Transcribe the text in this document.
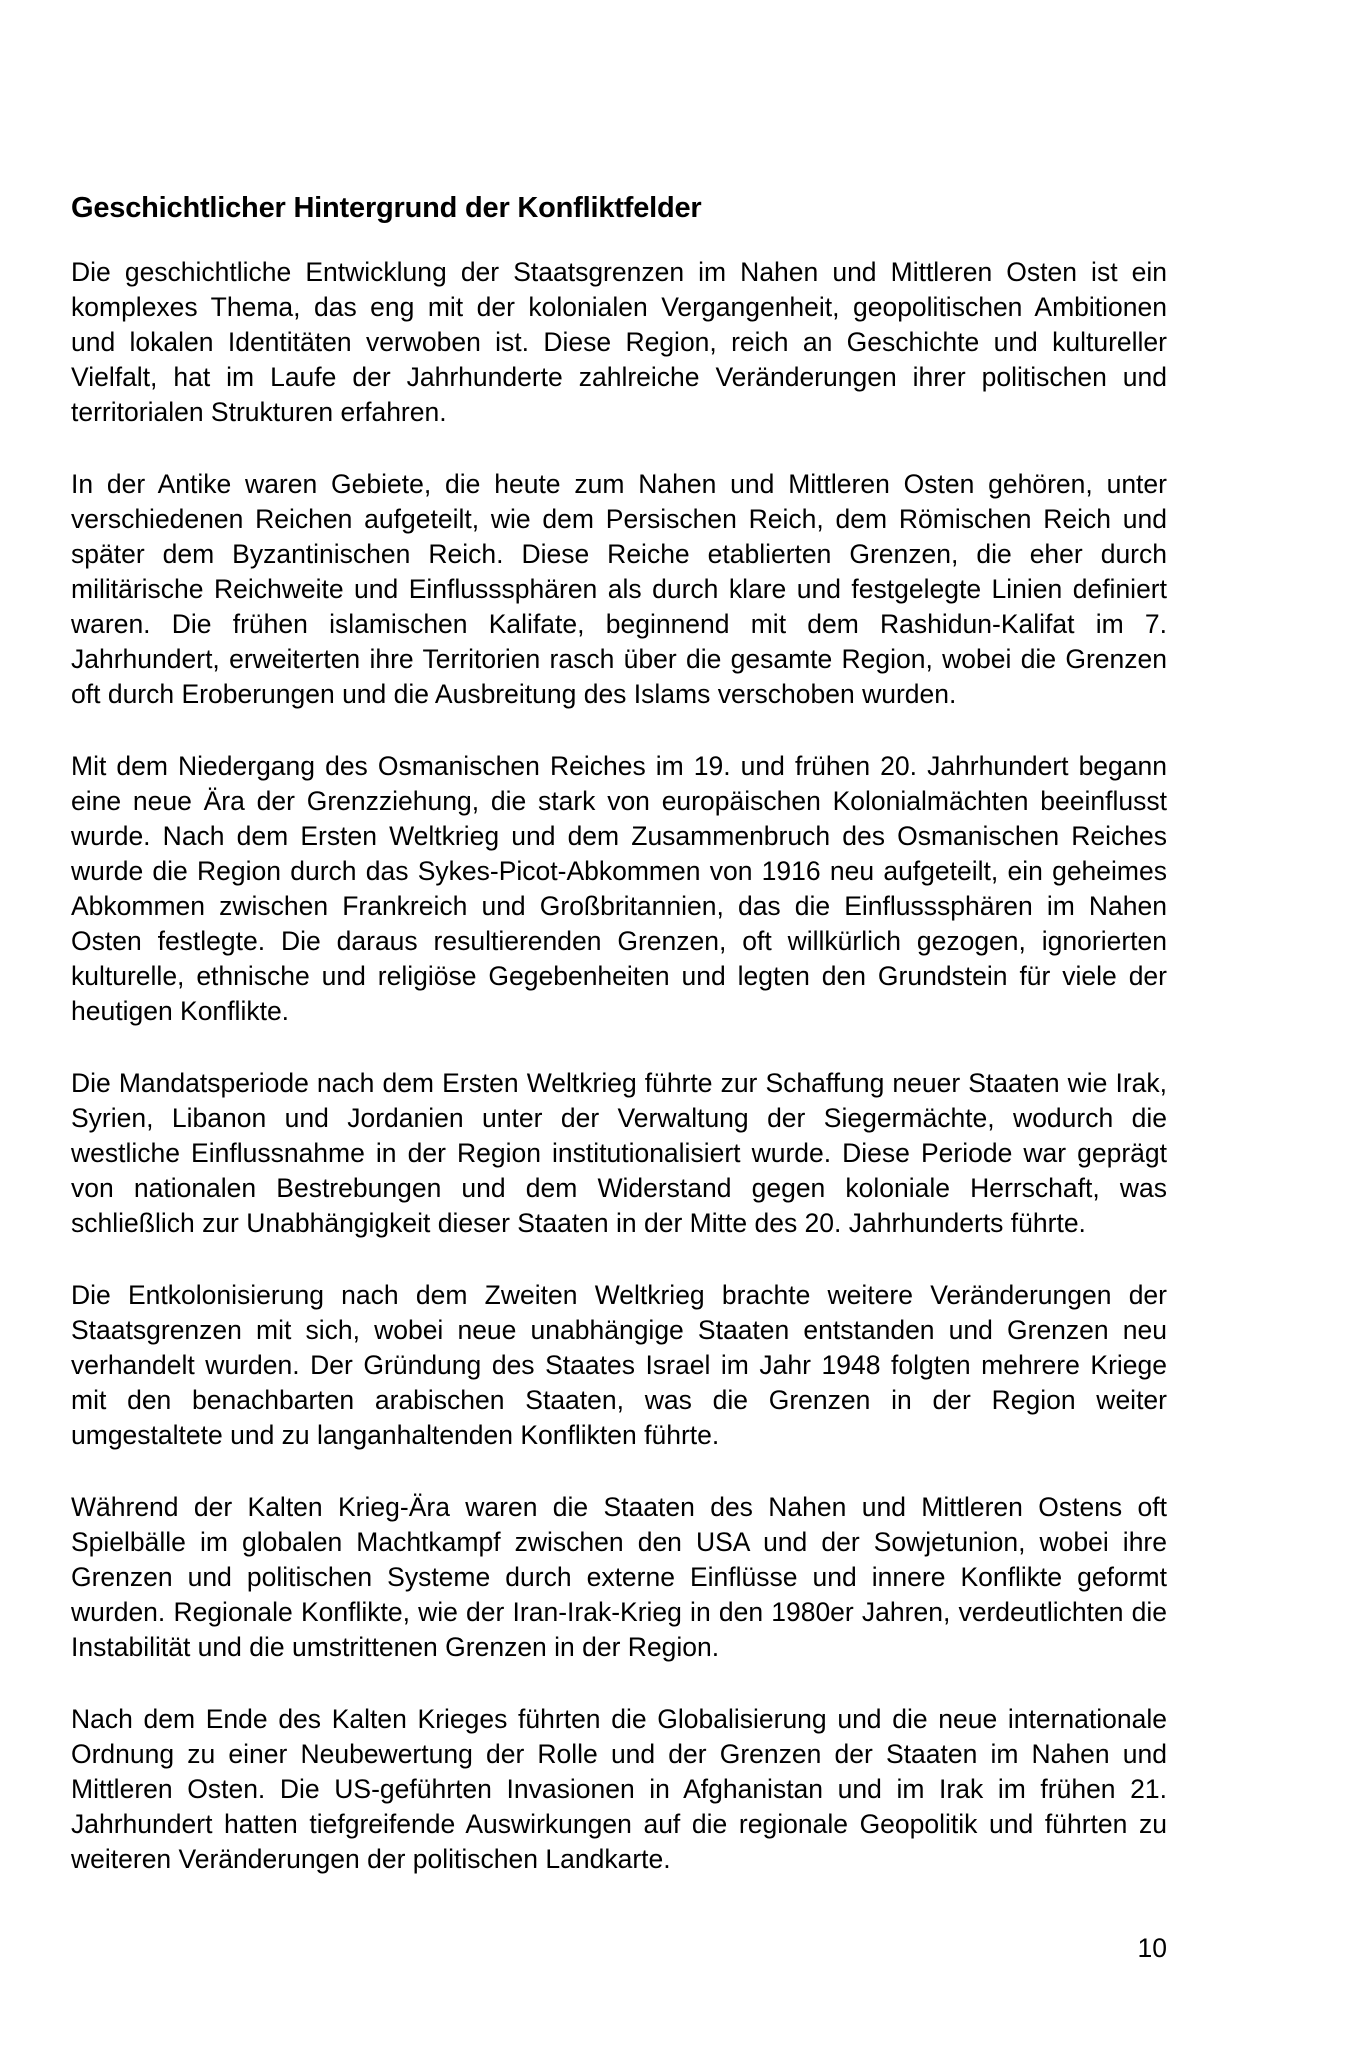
Geschichtlicher Hintergrund der Konfliktfelder
Die geschichtliche Entwicklung der Staatsgrenzen im Nahen und Mittleren Osten ist ein
komplexes Thema, das eng mit der kolonialen Vergangenheit, geopolitischen Ambitionen
und lokalen Identitäten verwoben ist. Diese Region, reich an Geschichte und kultureller
Vielfalt, hat im Laufe der Jahrhunderte zahlreiche Veränderungen ihrer politischen und
territorialen Strukturen erfahren.
In der Antike waren Gebiete, die heute zum Nahen und Mittleren Osten gehören, unter
verschiedenen Reichen aufgeteilt, wie dem Persischen Reich, dem Römischen Reich und
später dem Byzantinischen Reich. Diese Reiche etablierten Grenzen, die eher durch
militärische Reichweite und Einflusssphären als durch klare und festgelegte Linien definiert
waren. Die frühen islamischen Kalifate, beginnend mit dem Rashidun-Kalifat im 7.
Jahrhundert, erweiterten ihre Territorien rasch über die gesamte Region, wobei die Grenzen
oft durch Eroberungen und die Ausbreitung des Islams verschoben wurden.
Mit dem Niedergang des Osmanischen Reiches im 19. und frühen 20. Jahrhundert begann
eine neue Ära der Grenzziehung, die stark von europäischen Kolonialmächten beeinflusst
wurde. Nach dem Ersten Weltkrieg und dem Zusammenbruch des Osmanischen Reiches
wurde die Region durch das Sykes-Picot-Abkommen von 1916 neu aufgeteilt, ein geheimes
Abkommen zwischen Frankreich und Großbritannien, das die Einflusssphären im Nahen
Osten festlegte. Die daraus resultierenden Grenzen, oft willkürlich gezogen, ignorierten
kulturelle, ethnische und religiöse Gegebenheiten und legten den Grundstein für viele der
heutigen Konflikte.
Die Mandatsperiode nach dem Ersten Weltkrieg führte zur Schaffung neuer Staaten wie Irak,
Syrien, Libanon und Jordanien unter der Verwaltung der Siegermächte, wodurch die
westliche Einflussnahme in der Region institutionalisiert wurde. Diese Periode war geprägt
von nationalen Bestrebungen und dem Widerstand gegen koloniale Herrschaft, was
schließlich zur Unabhängigkeit dieser Staaten in der Mitte des 20. Jahrhunderts führte.
Die Entkolonisierung nach dem Zweiten Weltkrieg brachte weitere Veränderungen der
Staatsgrenzen mit sich, wobei neue unabhängige Staaten entstanden und Grenzen neu
verhandelt wurden. Der Gründung des Staates Israel im Jahr 1948 folgten mehrere Kriege
mit den benachbarten arabischen Staaten, was die Grenzen in der Region weiter
umgestaltete und zu langanhaltenden Konflikten führte.
Während der Kalten Krieg-Ära waren die Staaten des Nahen und Mittleren Ostens oft
Spielbälle im globalen Machtkampf zwischen den USA und der Sowjetunion, wobei ihre
Grenzen und politischen Systeme durch externe Einflüsse und innere Konflikte geformt
wurden. Regionale Konflikte, wie der Iran-Irak-Krieg in den 1980er Jahren, verdeutlichten die
Instabilität und die umstrittenen Grenzen in der Region.
Nach dem Ende des Kalten Krieges führten die Globalisierung und die neue internationale
Ordnung zu einer Neubewertung der Rolle und der Grenzen der Staaten im Nahen und
Mittleren Osten. Die US-geführten Invasionen in Afghanistan und im Irak im frühen 21.
Jahrhundert hatten tiefgreifende Auswirkungen auf die regionale Geopolitik und führten zu
weiteren Veränderungen der politischen Landkarte.
10
